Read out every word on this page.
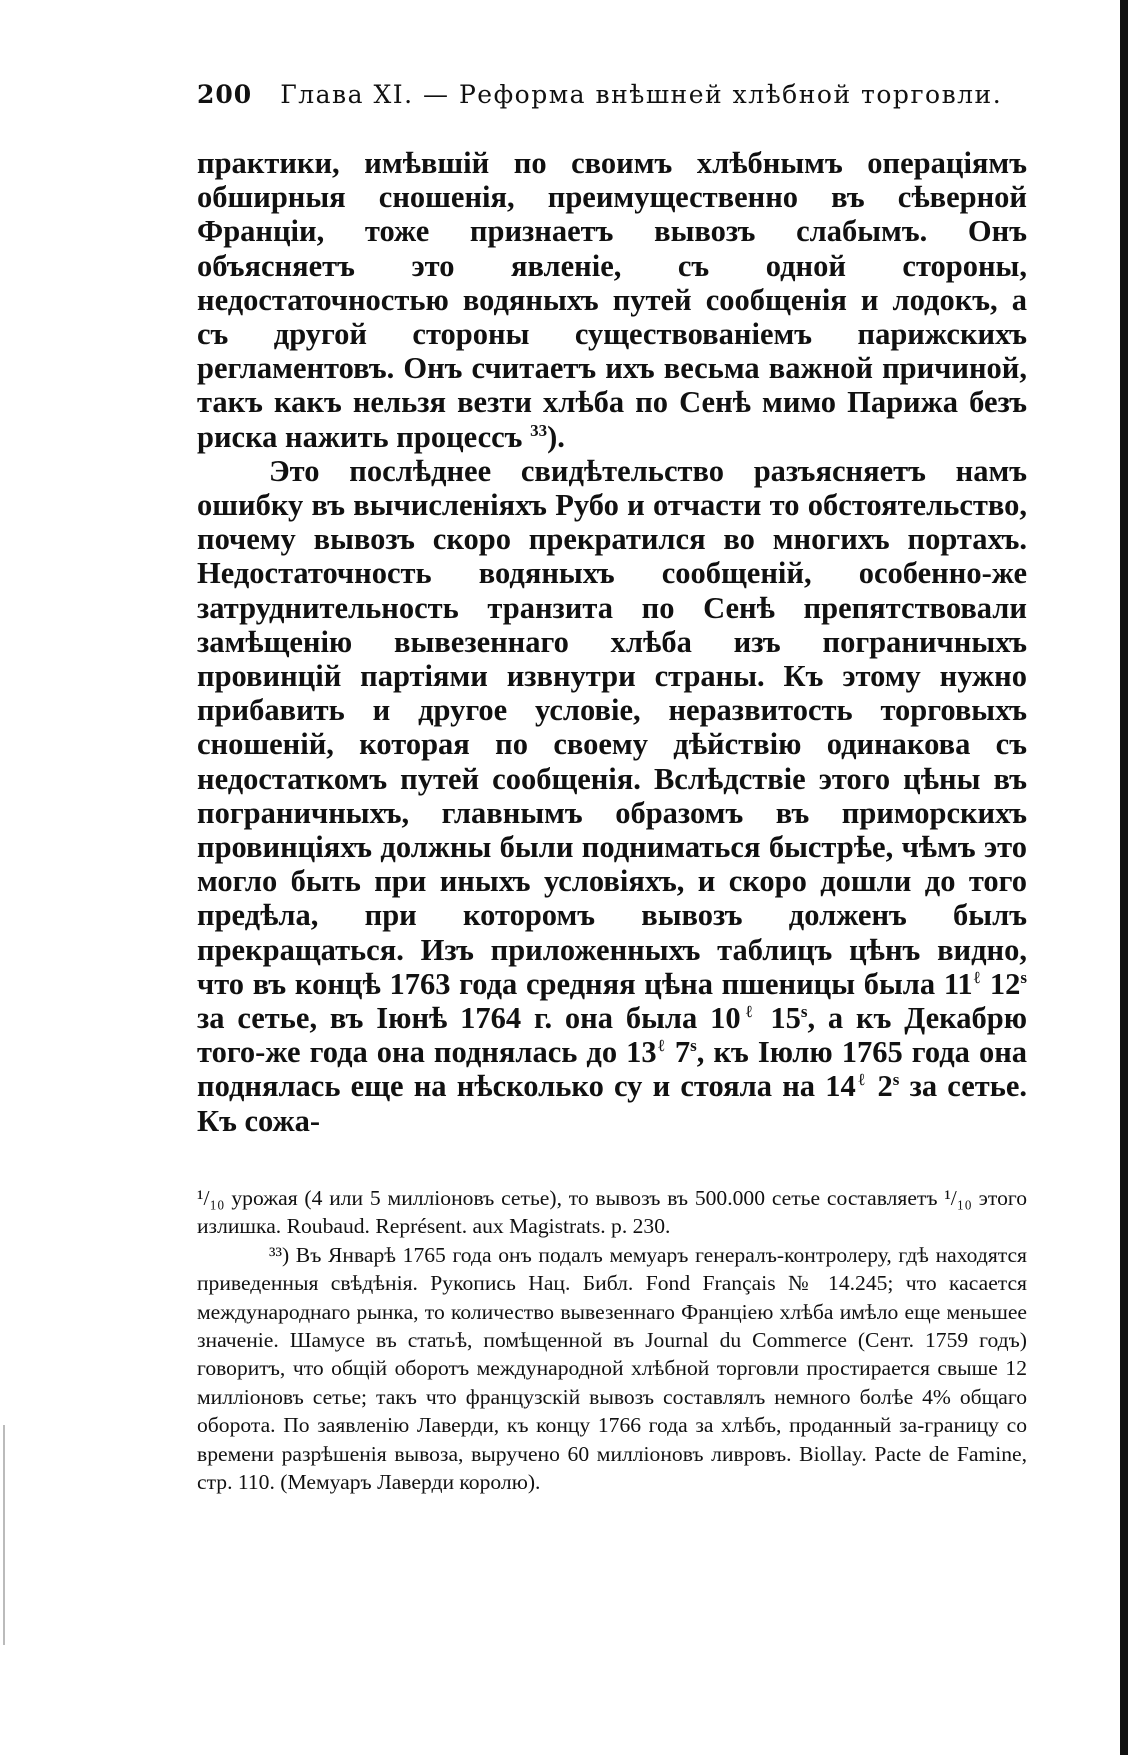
200 Глава XI. — Реформа внѣшней хлѣбной торговли.

практики, имѣвшій по своимъ хлѣбнымъ операціямъ обширныя сношенія, преимущественно въ сѣверной Франціи, тоже признаетъ вывозъ слабымъ. Онъ объясняетъ это явленіе, съ одной стороны, недостаточностью водяныхъ путей сообщенія и лодокъ, а съ другой стороны существованіемъ парижскихъ регламентовъ. Онъ считаетъ ихъ весьма важной причиной, такъ какъ нельзя везти хлѣба по Сенѣ мимо Парижа безъ риска нажить процессъ $^{33}$).

Это послѣднее свидѣтельство разъясняетъ намъ ошибку въ вычисленіяхъ Рубо и отчасти то обстоятельство, почему вывозъ скоро прекратился во многихъ портахъ. Недостаточность водяныхъ сообщеній, особенно-же затруднительность транзита по Сенѣ препятствовали замѣщенію вывезеннаго хлѣба изъ пограничныхъ провинцій партіями извнутри страны. Къ этому нужно прибавить и другое условіе, неразвитость торговыхъ сношеній, которая по своему дѣйствію одинакова съ недостаткомъ путей сообщенія. Вслѣдствіе этого цѣны въ пограничныхъ, главнымъ образомъ въ приморскихъ провинціяхъ должны были подниматься быстрѣе, чѣмъ это могло быть при иныхъ условіяхъ, и скоро дошли до того предѣла, при которомъ вывозъ долженъ былъ прекращаться. Изъ приложенныхъ таблицъ цѣнъ видно, что въ концѣ 1763 года средняя цѣна пшеницы была $11^\ell$ 12$^s$ за сетье, въ Іюнѣ 1764 г. она была $10^\ell$ 15$^s$, а къ Декабрю того-же года она поднялась до $13^\ell$ 7$^s$, къ Іюлю 1765 года она поднялась еще на нѣсколько су и стояла на $14^\ell$ 2$^s$ за сетье. Къ сожа-

¹/₁₀ урожая (4 или 5 милліоновъ сетье), то вывозъ въ 500.000 сетье составляетъ ¹/₁₀ этого излишка. Roubaud. Représent. aux Magistrats. p. 230.

³³) Въ Январѣ 1765 года онъ подалъ мемуаръ генералъ-контролеру, гдѣ находятся приведенныя свѣдѣнія. Рукопись Нац. Библ. Fond Français № 14.245; что касается международнаго рынка, то количество вывезеннаго Франціею хлѣба имѣло еще меньшее значеніе. Шамусе въ статьѣ, помѣщенной въ Journal du Commerce (Сент. 1759 годъ) говоритъ, что общій оборотъ международной хлѣбной торговли простирается свыше 12 милліоновъ сетье; такъ что французскій вывозъ составлялъ немного болѣе 4% общаго оборота. По заявленію Лаверди, къ концу 1766 года за хлѣбъ, проданный за-границу со времени разрѣшенія вывоза, выручено 60 милліоновъ ливровъ. Biollay. Pacte de Famine, стр. 110. (Мемуаръ Лаверди королю).
